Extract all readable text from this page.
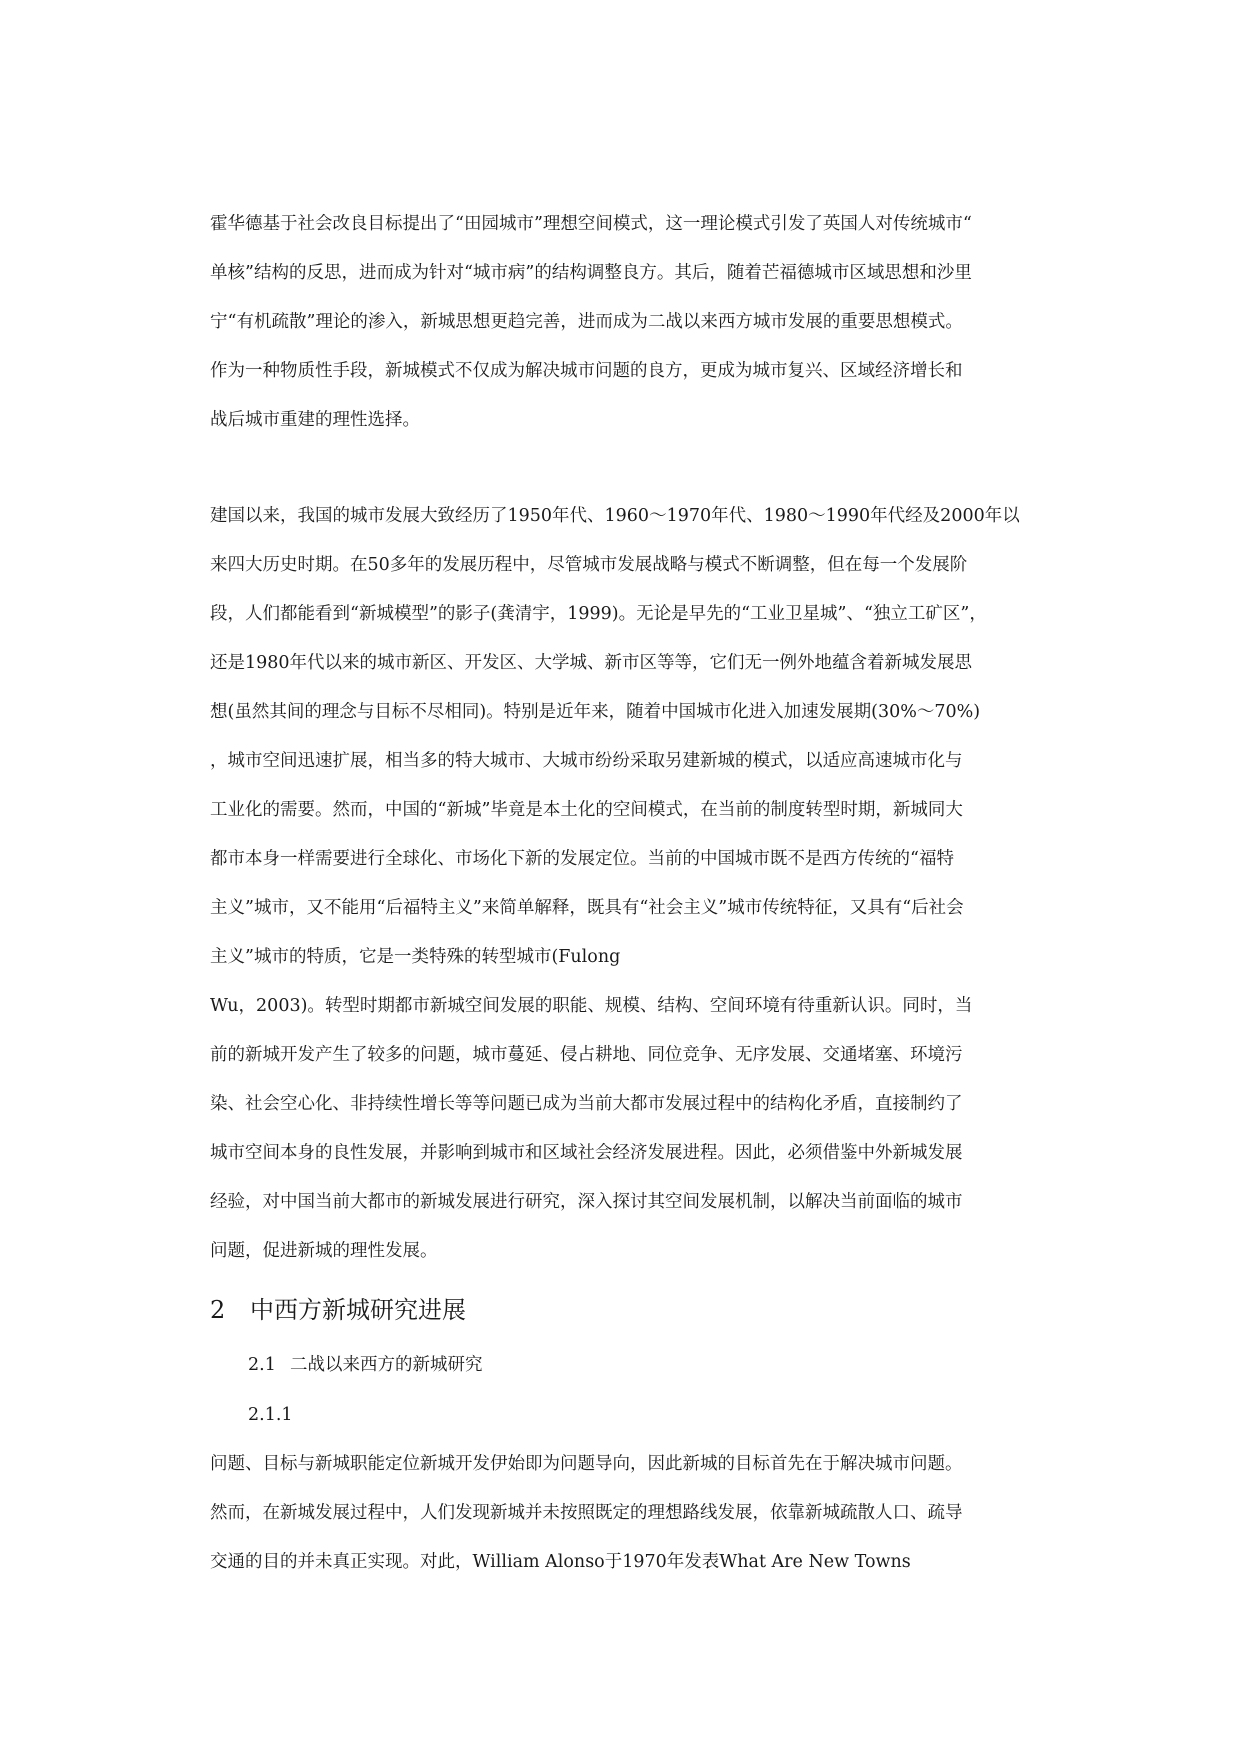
霍华德基于社会改良目标提出了“田园城市”理想空间模式，这一理论模式引发了英国人对传统城市“
单核”结构的反思，进而成为针对“城市病”的结构调整良方。其后，随着芒福德城市区域思想和沙里
宁“有机疏散”理论的渗入，新城思想更趋完善，进而成为二战以来西方城市发展的重要思想模式。
作为一种物质性手段，新城模式不仅成为解决城市问题的良方，更成为城市复兴、区域经济增长和
战后城市重建的理性选择。
建国以来，我国的城市发展大致经历了1950年代、1960～1970年代、1980～1990年代经及2000年以
来四大历史时期。在50多年的发展历程中，尽管城市发展战略与模式不断调整，但在每一个发展阶
段，人们都能看到“新城模型”的影子(龚清宇，1999)。无论是早先的“工业卫星城”、“独立工矿区”，
还是1980年代以来的城市新区、开发区、大学城、新市区等等，它们无一例外地蕴含着新城发展思
想(虽然其间的理念与目标不尽相同)。特别是近年来，随着中国城市化进入加速发展期(30%～70%)
，城市空间迅速扩展，相当多的特大城市、大城市纷纷采取另建新城的模式，以适应高速城市化与
工业化的需要。然而，中国的“新城”毕竟是本土化的空间模式，在当前的制度转型时期，新城同大
都市本身一样需要进行全球化、市场化下新的发展定位。当前的中国城市既不是西方传统的“福特
主义”城市，又不能用“后福特主义”来简单解释，既具有“社会主义”城市传统特征，又具有“后社会
主义”城市的特质，它是一类特殊的转型城市(Fulong
Wu，2003)。转型时期都市新城空间发展的职能、规模、结构、空间环境有待重新认识。同时，当
前的新城开发产生了较多的问题，城市蔓延、侵占耕地、同位竞争、无序发展、交通堵塞、环境污
染、社会空心化、非持续性增长等等问题已成为当前大都市发展过程中的结构化矛盾，直接制约了
城市空间本身的良性发展，并影响到城市和区域社会经济发展进程。因此，必须借鉴中外新城发展
经验，对中国当前大都市的新城发展进行研究，深入探讨其空间发展机制，以解决当前面临的城市
问题，促进新城的理性发展。
2 中西方新城研究进展
2.1 二战以来西方的新城研究
2.1.1
问题、目标与新城职能定位新城开发伊始即为问题导向，因此新城的目标首先在于解决城市问题。
然而，在新城发展过程中，人们发现新城并未按照既定的理想路线发展，依靠新城疏散人口、疏导
交通的目的并未真正实现。对此，William Alonso于1970年发表What Are New Towns
